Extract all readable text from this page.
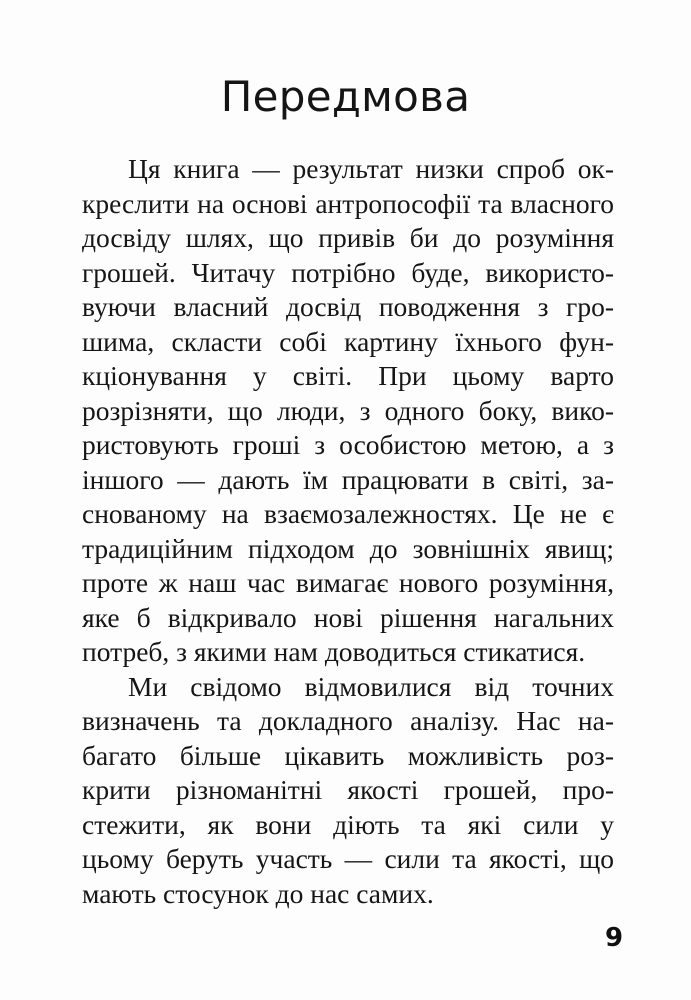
Передмова
Ця книга — результат низки спроб ок-
креслити на основі антропософії та власного
досвіду шлях, що привів би до розуміння
грошей. Читачу потрібно буде, використо-
вуючи власний досвід поводження з гро-
шима, скласти собі картину їхнього фун-
кціонування у світі. При цьому варто
розрізняти, що люди, з одного боку, вико-
ристовують гроші з особистою метою, а з
іншого — дають їм працювати в світі, за-
снованому на взаємозалежностях. Це не є
традиційним підходом до зовнішніх явищ;
проте ж наш час вимагає нового розуміння,
яке б відкривало нові рішення нагальних
потреб, з якими нам доводиться стикатися.
Ми свідомо відмовилися від точних
визначень та докладного аналізу. Нас на-
багато більше цікавить можливість роз-
крити різноманітні якості грошей, про-
стежити, як вони діють та які сили у
цьому беруть участь — сили та якості, що
мають стосунок до нас самих.
9
